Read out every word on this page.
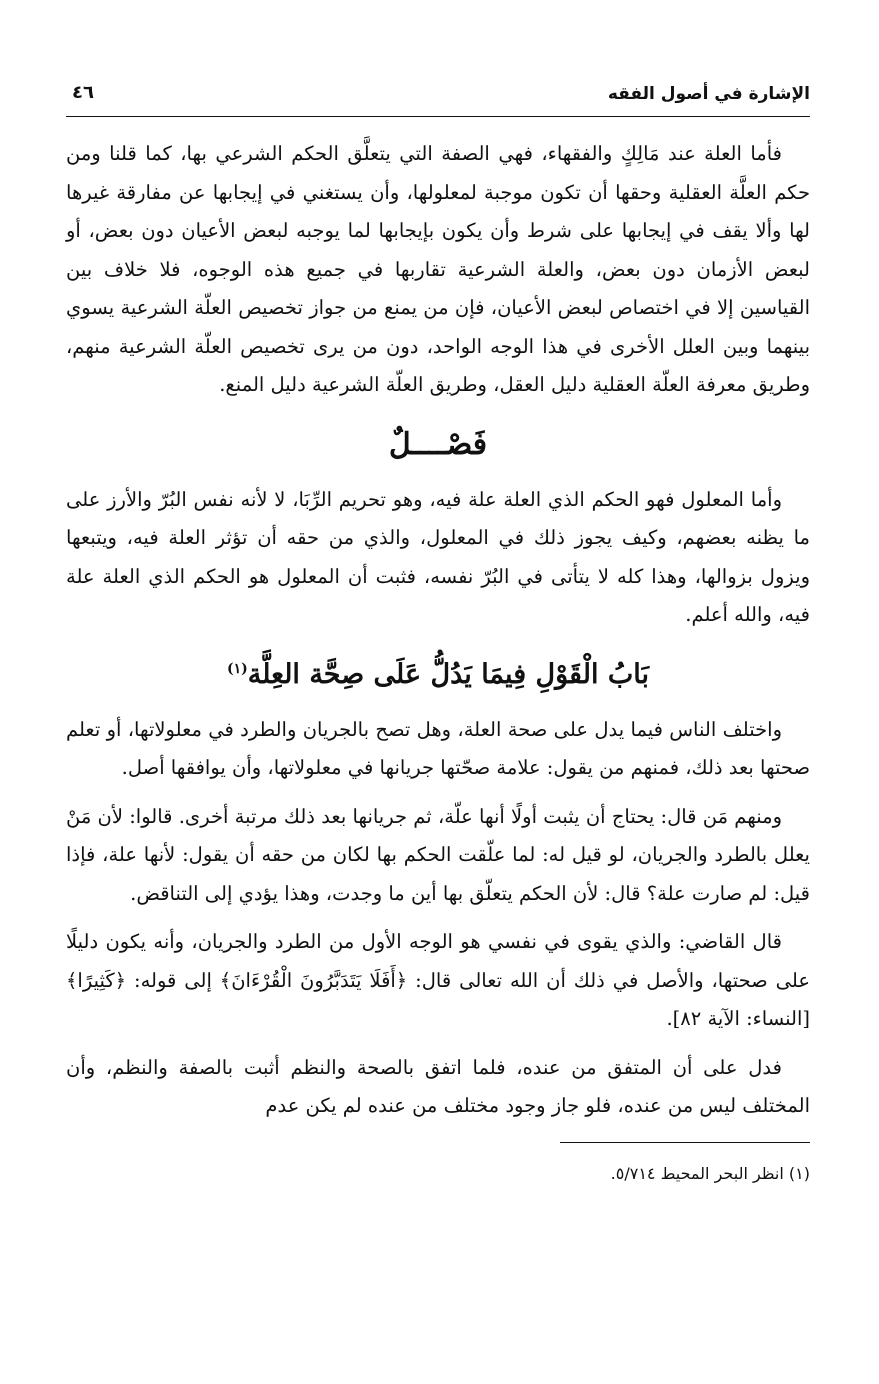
الإشارة في أصول الفقه
٤٦

فأما العلة عند مَالِكٍ والفقهاء، فهي الصفة التي يتعلَّق الحكم الشرعي بها، كما قلنا ومن حكم العلَّة العقلية وحقها أن تكون موجبة لمعلولها، وأن يستغني في إيجابها عن مفارقة غيرها لها وألا يقف في إيجابها على شرط وأن يكون بإيجابها لما يوجبه لبعض الأعيان دون بعض، أو لبعض الأزمان دون بعض، والعلة الشرعية تقاربها في جميع هذه الوجوه، فلا خلاف بين القياسين إلا في اختصاص لبعض الأعيان، فإن من يمنع من جواز تخصيص العلّة الشرعية يسوي بينهما وبين العلل الأخرى في هذا الوجه الواحد، دون من يرى تخصيص العلّة الشرعية منهم، وطريق معرفة العلّة العقلية دليل العقل، وطريق العلّة الشرعية دليل المنع.

فَصْــــلٌ

وأما المعلول فهو الحكم الذي العلة علة فيه، وهو تحريم الرِّبَا، لا لأنه نفس البُرّ والأرز على ما يظنه بعضهم، وكيف يجوز ذلك في المعلول، والذي من حقه أن تؤثر العلة فيه، ويتبعها ويزول بزوالها، وهذا كله لا يتأتى في البُرّ نفسه، فثبت أن المعلول هو الحكم الذي العلة علة فيه، والله أعلم.

بَابُ الْقَوْلِ فِيمَا يَدُلُّ عَلَى صِحَّة العِلَّة$^{(١)}$

واختلف الناس فيما يدل على صحة العلة، وهل تصح بالجريان والطرد في معلولاتها، أو تعلم صحتها بعد ذلك، فمنهم من يقول: علامة صحّتها جريانها في معلولاتها، وأن يوافقها أصل.

ومنهم مَن قال: يحتاج أن يثبت أولًا أنها علّة، ثم جريانها بعد ذلك مرتبة أخرى. قالوا: لأن مَنْ يعلل بالطرد والجريان، لو قيل له: لما علّقت الحكم بها لكان من حقه أن يقول: لأنها علة، فإذا قيل: لم صارت علة؟ قال: لأن الحكم يتعلّق بها أين ما وجدت، وهذا يؤدي إلى التناقض.

قال القاضي: والذي يقوى في نفسي هو الوجه الأول من الطرد والجريان، وأنه يكون دليلًا على صحتها، والأصل في ذلك أن الله تعالى قال: ﴿أَفَلَا يَتَدَبَّرُونَ الْقُرْءَانَ﴾ إلى قوله: ﴿كَثِيرًا﴾ [النساء: الآية ٨٢].

فدل على أن المتفق من عنده، فلما اتفق بالصحة والنظم أثبت بالصفة والنظم، وأن المختلف ليس من عنده، فلو جاز وجود مختلف من عنده لم يكن عدم

(١) انظر البحر المحيط ٥/٧١٤.
